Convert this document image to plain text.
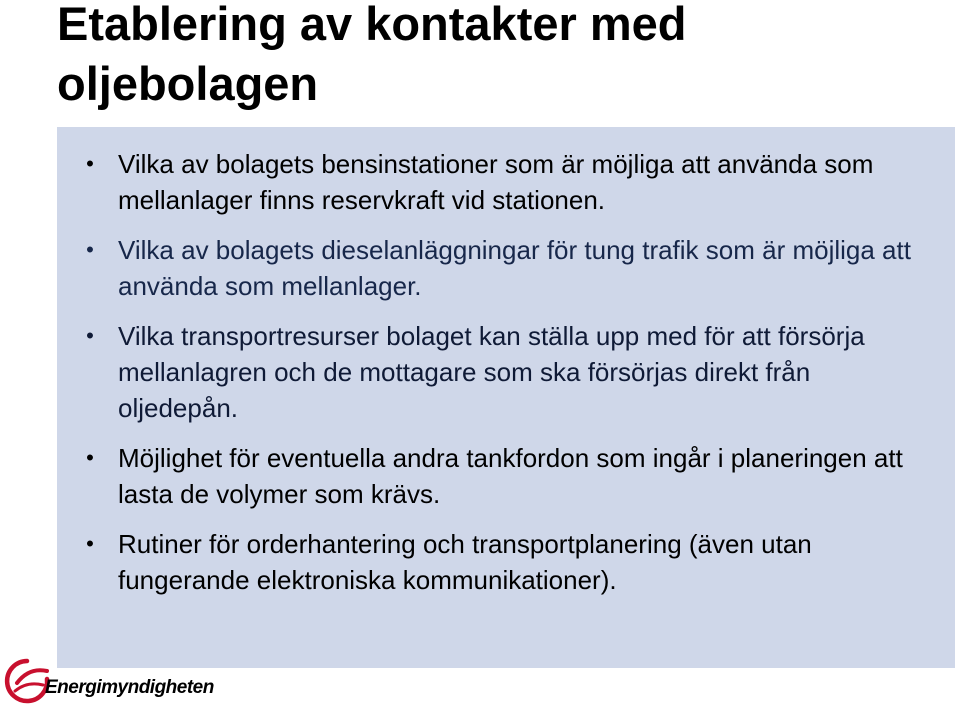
Etablering av kontakter med oljebolagen
• Vilka av bolagets bensinstationer som är möjliga att använda som mellanlager finns reservkraft vid stationen.
• Vilka av bolagets dieselanläggningar för tung trafik som är möjliga att använda som mellanlager.
• Vilka transportresurser bolaget kan ställa upp med för att försörja mellanlagren och de mottagare som ska försörjas direkt från oljedepån.
• Möjlighet för eventuella andra tankfordon som ingår i planeringen att lasta de volymer som krävs.
• Rutiner för orderhantering och transportplanering (även utan fungerande elektroniska kommunikationer).
Energimyndigheten
